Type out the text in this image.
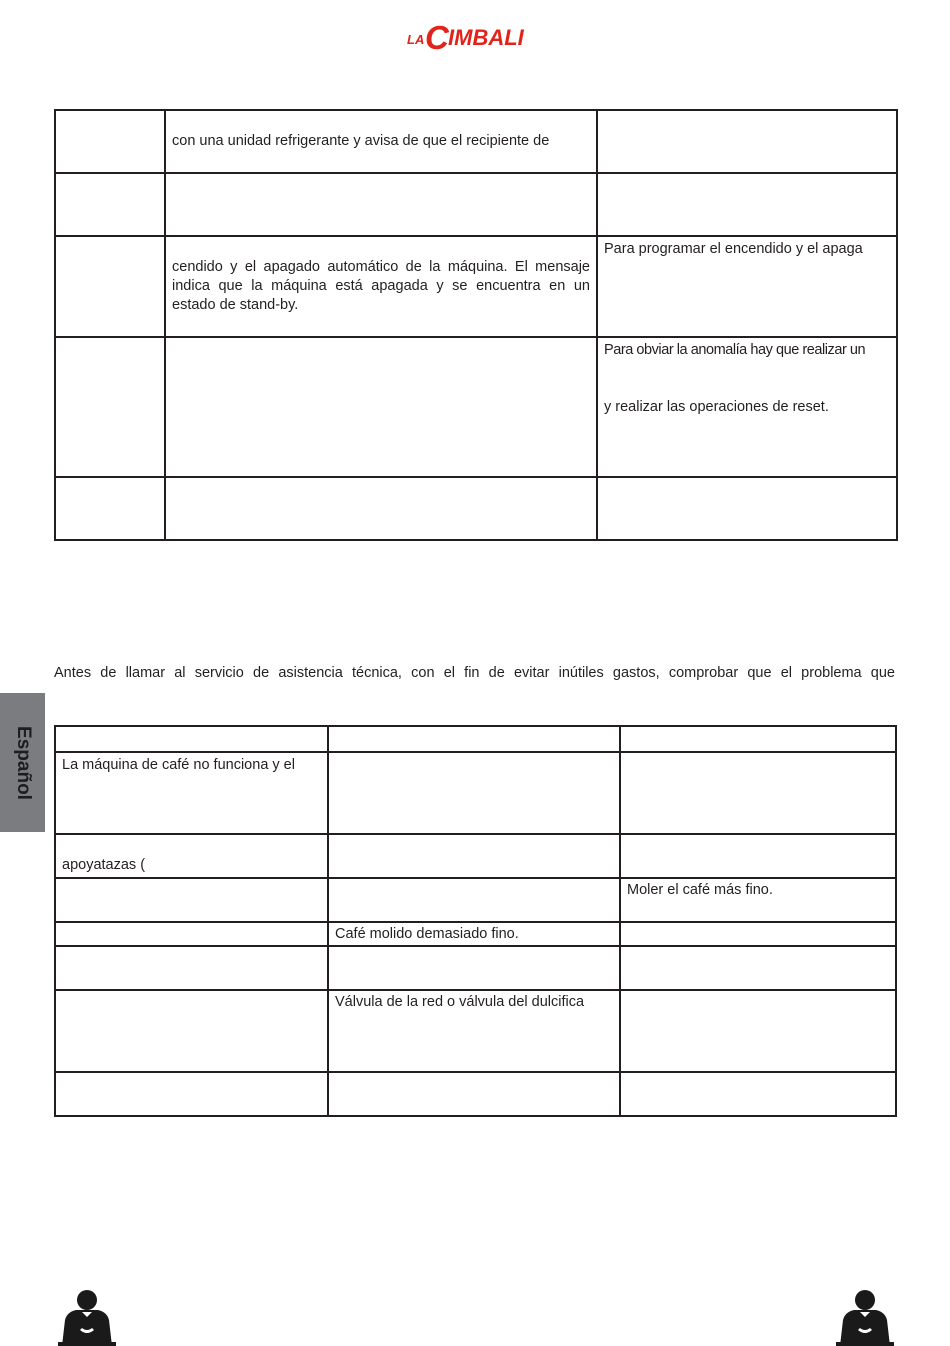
LA C IMBALI
	con una unidad refrigerante y avisa de que el recipiente de	

	cendido y el apagado automático de la máquina. El mensaje indica que la máquina está apagada y se encuentra en un estado de stand-by.	Para programar el encendido y el apaga

		Para obviar la anomalía hay que realizar un
y realizar las operaciones de reset.

Antes de llamar al servicio de asistencia técnica, con el fin de evitar inútiles gastos, comprobar que el problema que

La máquina de café no funciona y el		
apoyatazas (		
		Moler el café más fino.
	Café molido demasiado fino.	

	Válvula de la red o válvula del dulcifica	

Español
